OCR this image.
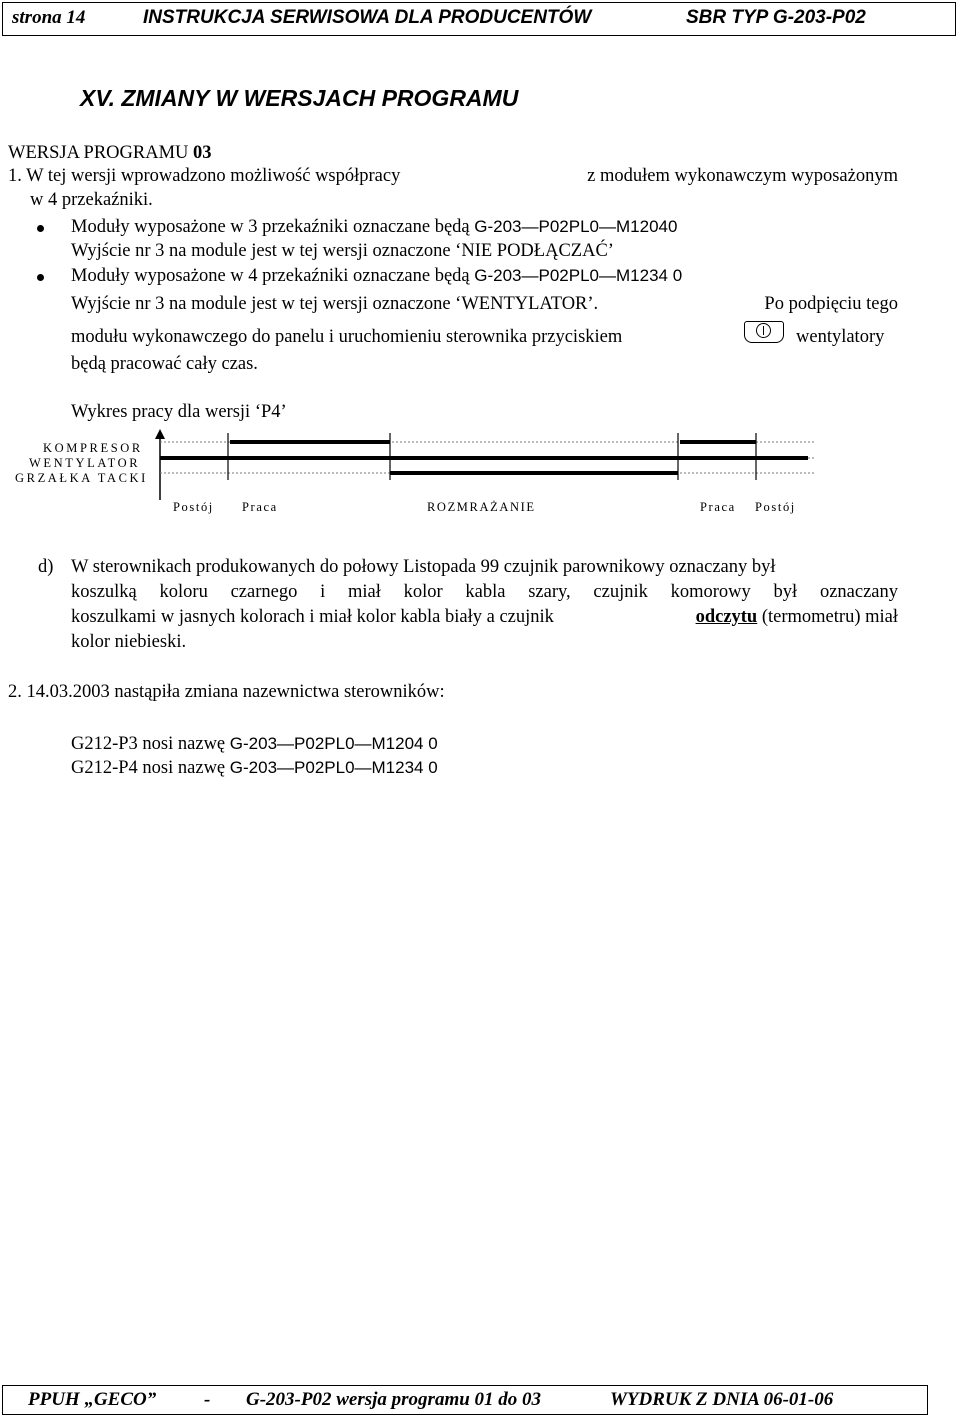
strona 14	INSTRUKCJA SERWISOWA DLA PRODUCENTÓW	SBR TYP G-203-P02
XV. ZMIANY W WERSJACH PROGRAMU
WERSJA PROGRAMU 03
1. W tej wersji wprowadzono możliwość współpracy	z modułem wykonawczym wyposażonym
w 4 przekaźniki.
Moduły wyposażone w 3 przekaźniki oznaczane będą G-203—P02PL0—M12040
Wyjście nr 3 na module jest w tej wersji oznaczone ‘NIE PODŁĄCZAĆ’
Moduły wyposażone w 4 przekaźniki oznaczane będą G-203—P02PL0—M1234 0
Wyjście nr 3 na module jest w tej wersji oznaczone ‘WENTYLATOR’.	Po podpięciu tego
modułu wykonawczego do panelu i uruchomieniu sterownika przyciskiem	wentylatory
będą pracować cały czas.
Wykres pracy dla wersji ‘P4’
KOMPRESOR
WENTYLATOR
GRZAŁKA TACKI
Postój Praca	ROZMRAŻANIE	Praca Postój
d) W sterownikach produkowanych do połowy Listopada 99 czujnik parownikowy oznaczany był
koszulką koloru czarnego i miał kolor kabla szary, czujnik komorowy był oznaczany
koszulkami w jasnych kolorach i miał kolor kabla biały a czujnik	odczytu (termometru) miał
kolor niebieski.
2. 14.03.2003 nastąpiła zmiana nazewnictwa sterowników:
G212-P3 nosi nazwę G-203—P02PL0—M1204 0
G212-P4 nosi nazwę G-203—P02PL0—M1234 0
PPUH „GECO”	- G-203-P02 wersja programu 01 do 03	WYDRUK Z DNIA 06-01-06
